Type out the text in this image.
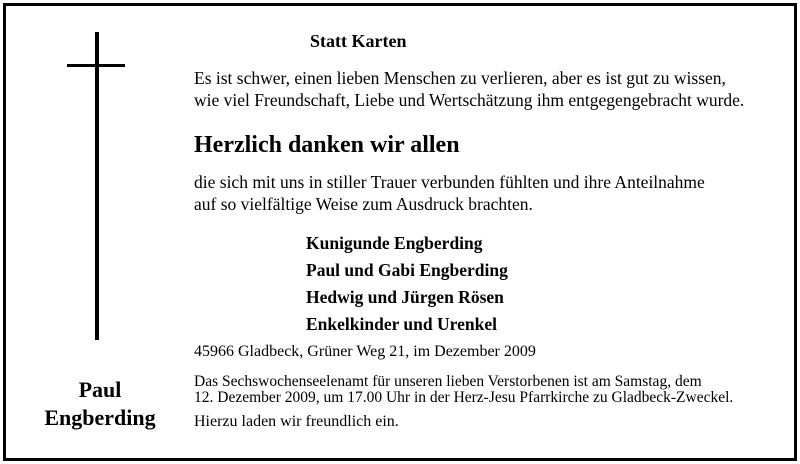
Statt Karten
Es ist schwer, einen lieben Menschen zu verlieren, aber es ist gut zu wissen,
wie viel Freundschaft, Liebe und Wertschätzung ihm entgegengebracht wurde.
Herzlich danken wir allen
die sich mit uns in stiller Trauer verbunden fühlten und ihre Anteilnahme
auf so vielfältige Weise zum Ausdruck brachten.
Kunigunde Engberding
Paul und Gabi Engberding
Hedwig und Jürgen Rösen
Enkelkinder und Urenkel
45966 Gladbeck, Grüner Weg 21, im Dezember 2009
Das Sechswochenseelenamt für unseren lieben Verstorbenen ist am Samstag, dem
12. Dezember 2009, um 17.00 Uhr in der Herz-Jesu Pfarrkirche zu Gladbeck-Zweckel.
Hierzu laden wir freundlich ein.
Paul
Engberding
